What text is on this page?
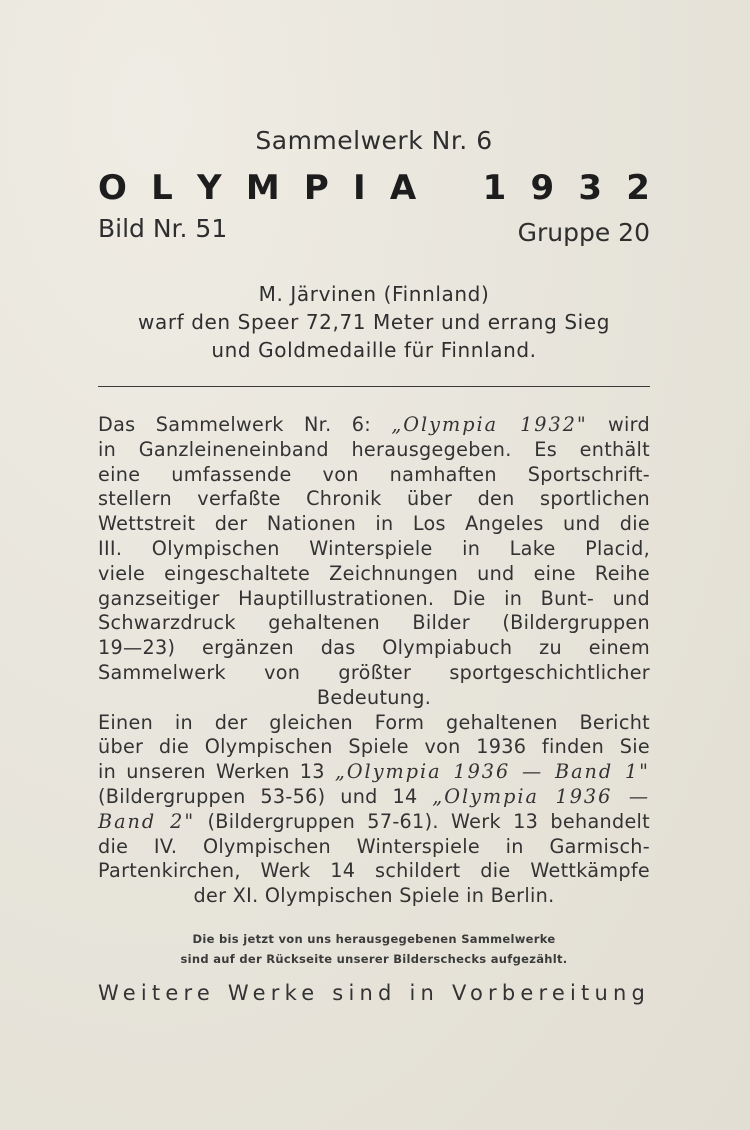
Sammelwerk Nr. 6
O L Y M P I A 1 9 3 2
Bild Nr. 51	Gruppe 20
M. Järvinen (Finnland)
warf den Speer 72,71 Meter und errang Sieg
und Goldmedaille für Finnland.
Das Sammelwerk Nr. 6: „Olympia 1932" wird
in Ganzleineneinband herausgegeben. Es enthält
eine umfassende von namhaften Sportschrift-
stellern verfaßte Chronik über den sportlichen
Wettstreit der Nationen in Los Angeles und die
III. Olympischen Winterspiele in Lake Placid,
viele eingeschaltete Zeichnungen und eine Reihe
ganzseitiger Hauptillustrationen. Die in Bunt- und
Schwarzdruck gehaltenen Bilder (Bildergruppen
19—23) ergänzen das Olympiabuch zu einem
Sammelwerk von größter sportgeschichtlicher
Bedeutung.
Einen in der gleichen Form gehaltenen Bericht
über die Olympischen Spiele von 1936 finden Sie
in unseren Werken 13 „Olympia 1936 — Band 1"
(Bildergruppen 53-56) und 14 „Olympia 1936 —
Band 2" (Bildergruppen 57-61). Werk 13 behandelt
die IV. Olympischen Winterspiele in Garmisch-
Partenkirchen, Werk 14 schildert die Wettkämpfe
der XI. Olympischen Spiele in Berlin.
Die bis jetzt von uns herausgegebenen Sammelwerke
sind auf der Rückseite unserer Bilderschecks aufgezählt.
Weitere Werke sind in Vorbereitung
